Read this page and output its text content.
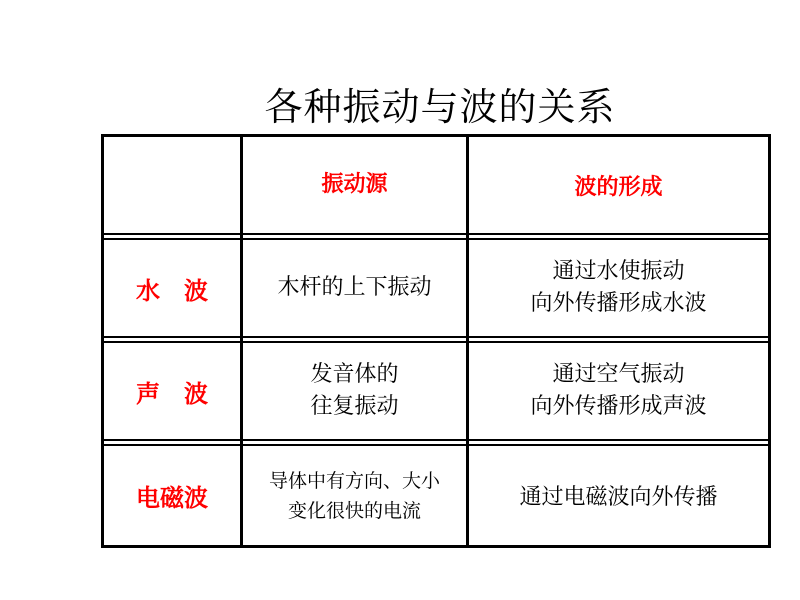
各种振动与波的关系
振动源	波的形成
水　波	木杆的上下振动
通过水使振动
向外传播形成水波
声　波
发音体的
往复振动
通过空气振动
向外传播形成声波
电磁波
导体中有方向、大小
变化很快的电流
通过电磁波向外传播
